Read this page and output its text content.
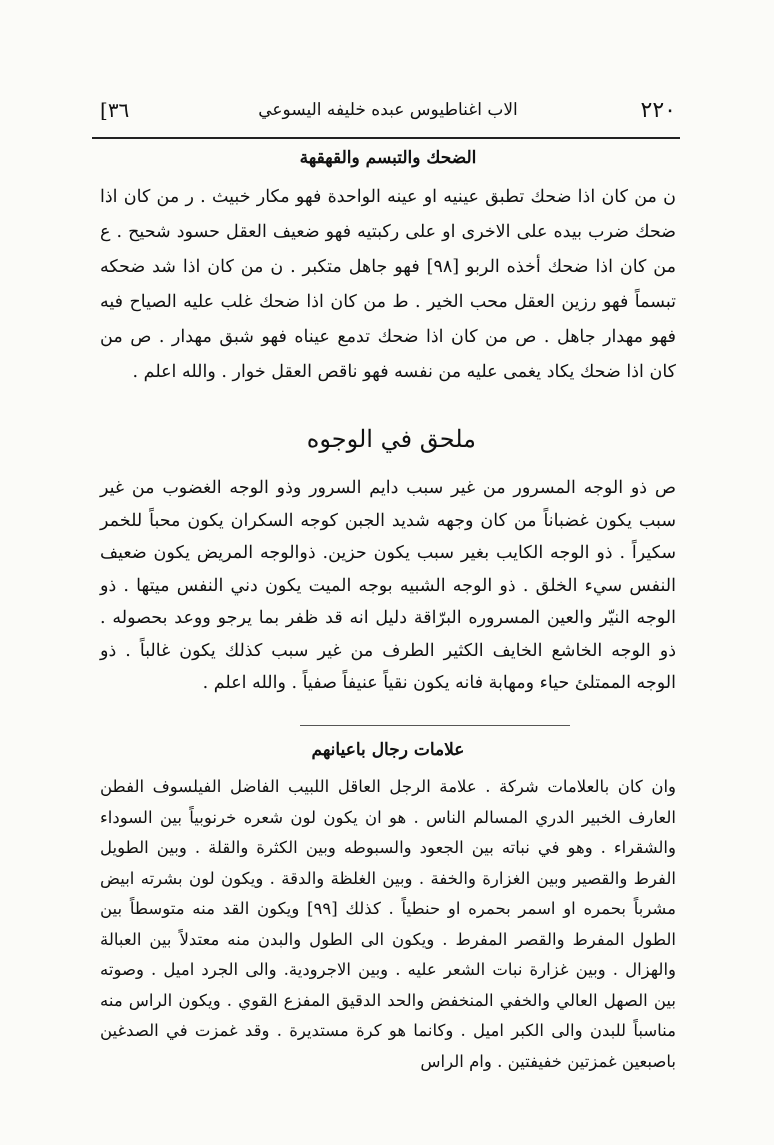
٢٢٠
الاب اغناطيوس عبده خليفه اليسوعي
[٣٦
الضحك والتبسم والقهقهة

ن من كان اذا ضحك تطبق عينيه او عينه الواحدة فهو مكار خبيث . ر من كان اذا ضحك ضرب بيده على الاخرى او على ركبتيه فهو ضعيف العقل حسود شحيح . ع من كان اذا ضحك أخذه الربو [٩٨] فهو جاهل متكبر . ن من كان اذا شد ضحكه تبسماً فهو رزين العقل محب الخير . ط من كان اذا ضحك غلب عليه الصياح فيه فهو مهدار جاهل . ص من كان اذا ضحك تدمع عيناه فهو شبق مهدار . ص من كان اذا ضحك يكاد يغمى عليه من نفسه فهو ناقص العقل خوار . والله اعلم .

ملحق في الوجوه

ص ذو الوجه المسرور من غير سبب دايم السرور وذو الوجه الغضوب من غير سبب يكون غضباناً من كان وجهه شديد الجبن كوجه السكران يكون محباً للخمر سكيراً . ذو الوجه الكايب بغير سبب يكون حزين. ذوالوجه المريض يكون ضعيف النفس سيء الخلق . ذو الوجه الشبيه بوجه الميت يكون دني النفس ميتها . ذو الوجه النيّر والعين المسروره البرّاقة دليل انه قد ظفر بما يرجو ووعد بحصوله . ذو الوجه الخاشع الخايف الكثير الطرف من غير سبب كذلك يكون غالباً . ذو الوجه الممتلئ حياء ومهابة فانه يكون نقياً عنيفاً صفياً . والله اعلم .

علامات رجال باعيانهم

وان كان بالعلامات شركة . علامة الرجل العاقل اللبيب الفاضل الفيلسوف الفطن العارف الخبير الدري المسالم الناس . هو ان يكون لون شعره خرنوبياً بين السوداء والشقراء . وهو في نباته بين الجعود والسبوطه وبين الكثرة والقلة . وبين الطويل الفرط والقصير وبين الغزارة والخفة . وبين الغلظة والدقة . ويكون لون بشرته ابيض مشرباً بحمره او اسمر بحمره او حنطياً . كذلك [٩٩] ويكون القد منه متوسطاً بين الطول المفرط والقصر المفرط . ويكون الى الطول والبدن منه معتدلاً بين العبالة والهزال . وبين غزارة نبات الشعر عليه . وبين الاجرودية. والى الجرد اميل . وصوته بين الصهل العالي والخفي المنخفض والحد الدقيق المفزع القوي . ويكون الراس منه مناسباً للبدن والى الكبر اميل . وكانما هو كرة مستديرة . وقد غمزت في الصدغين باصبعين غمزتين خفيفتين . وام الراس
